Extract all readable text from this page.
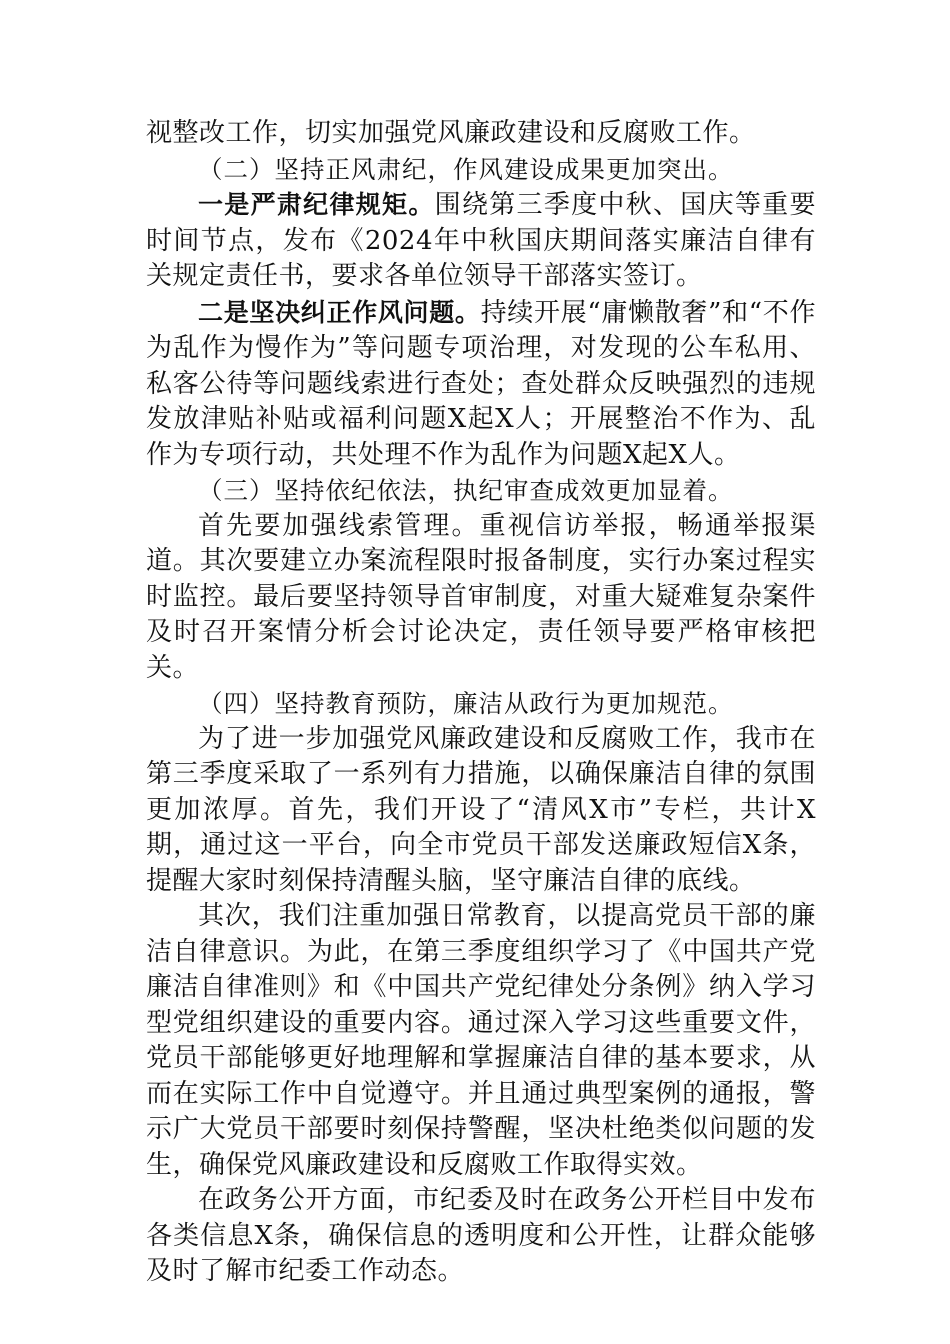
视整改工作，切实加强党风廉政建设和反腐败工作。

（二）坚持正风肃纪，作风建设成果更加突出。

一是严肃纪律规矩。围绕第三季度中秋、国庆等重要时间节点，发布《2024年中秋国庆期间落实廉洁自律有关规定责任书，要求各单位领导干部落实签订。

二是坚决纠正作风问题。持续开展“庸懒散奢”和“不作为乱作为慢作为”等问题专项治理，对发现的公车私用、私客公待等问题线索进行查处；查处群众反映强烈的违规发放津贴补贴或福利问题X起X人；开展整治不作为、乱作为专项行动，共处理不作为乱作为问题X起X人。

（三）坚持依纪依法，执纪审查成效更加显着。

首先要加强线索管理。重视信访举报，畅通举报渠道。其次要建立办案流程限时报备制度，实行办案过程实时监控。最后要坚持领导首审制度，对重大疑难复杂案件及时召开案情分析会讨论决定，责任领导要严格审核把关。

（四）坚持教育预防，廉洁从政行为更加规范。

为了进一步加强党风廉政建设和反腐败工作，我市在第三季度采取了一系列有力措施，以确保廉洁自律的氛围更加浓厚。首先，我们开设了“清风X市”专栏，共计X期，通过这一平台，向全市党员干部发送廉政短信X条，提醒大家时刻保持清醒头脑，坚守廉洁自律的底线。

其次，我们注重加强日常教育，以提高党员干部的廉洁自律意识。为此，在第三季度组织学习了《中国共产党廉洁自律准则》和《中国共产党纪律处分条例》纳入学习型党组织建设的重要内容。通过深入学习这些重要文件，党员干部能够更好地理解和掌握廉洁自律的基本要求，从而在实际工作中自觉遵守。并且通过典型案例的通报，警示广大党员干部要时刻保持警醒，坚决杜绝类似问题的发生，确保党风廉政建设和反腐败工作取得实效。

在政务公开方面，市纪委及时在政务公开栏目中发布各类信息X条，确保信息的透明度和公开性，让群众能够及时了解市纪委工作动态。
